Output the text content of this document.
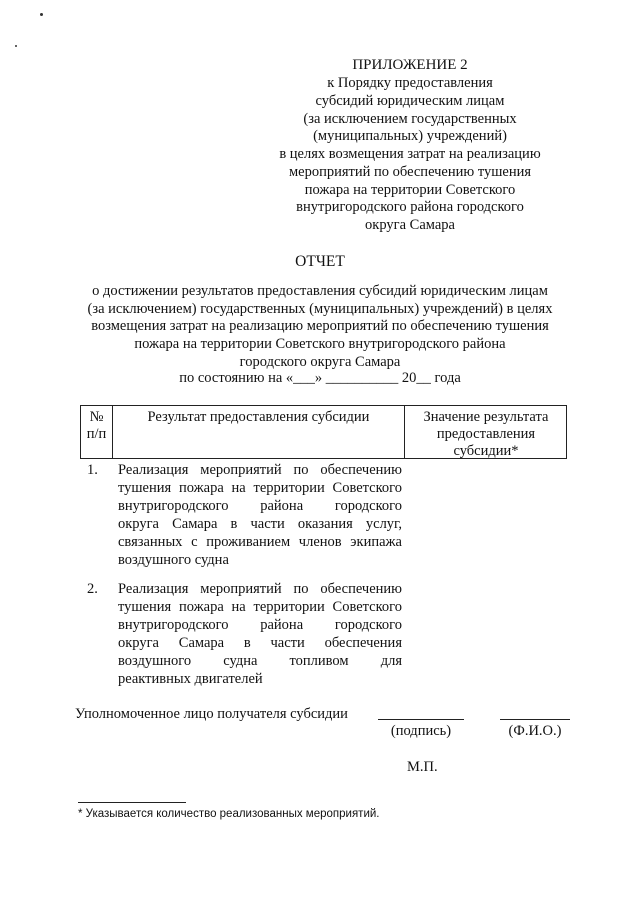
ПРИЛОЖЕНИЕ 2
к Порядку предоставления
субсидий юридическим лицам
(за исключением государственных
(муниципальных) учреждений)
в целях возмещения затрат на реализацию
мероприятий по обеспечению тушения
пожара на территории Советского
внутригородского района городского
округа Самара
ОТЧЕТ
о достижении результатов предоставления субсидий юридическим лицам
(за исключением) государственных (муниципальных) учреждений) в целях
возмещения затрат на реализацию мероприятий по обеспечению тушения
пожара на территории Советского внутригородского района
городского округа Самара
по состоянию на «___» __________ 20__ года
№
п/п
Результат предоставления субсидии	Значение результата
предоставления
субсидии*
1. Реализация мероприятий по обеспечению
тушения пожара на территории Советского
внутригородского района городского
округа Самара в части оказания услуг,
связанных с проживанием членов экипажа
воздушного судна
2. Реализация мероприятий по обеспечению
тушения пожара на территории Советского
внутригородского района городского
округа Самара в части обеспечения
воздушного судна топливом для
реактивных двигателей
Уполномоченное лицо получателя субсидии
(подпись)	(Ф.И.О.)
М.П.
* Указывается количество реализованных мероприятий.
